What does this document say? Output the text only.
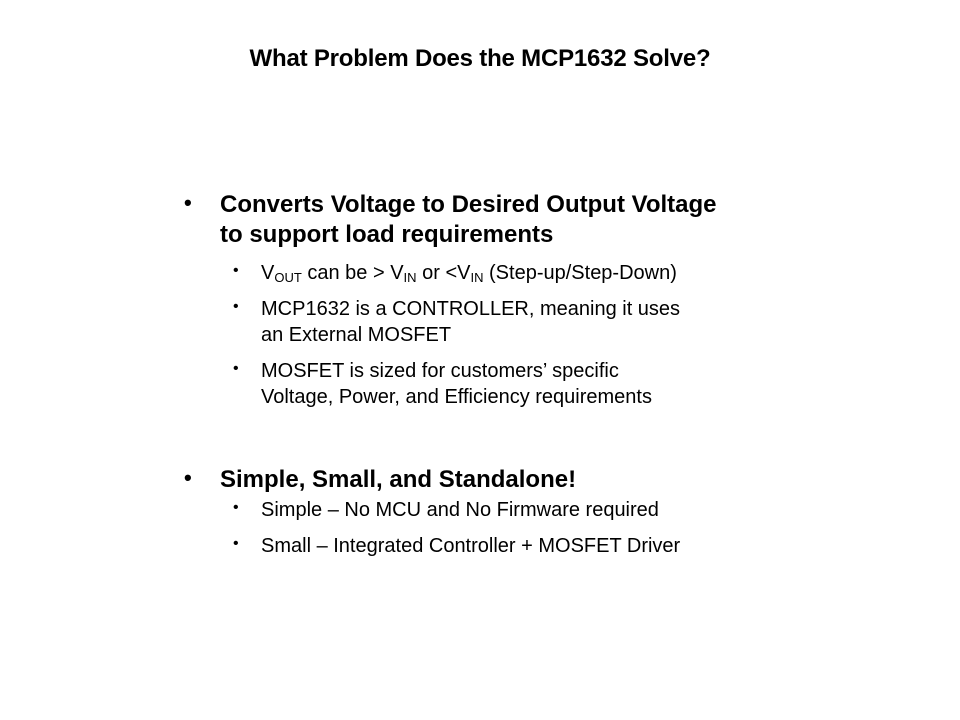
What Problem Does the MCP1632 Solve?
• Converts Voltage to Desired Output Voltage
to support load requirements
• $V_{OUT}$ can be > $V_{IN}$ or $<V_{IN}$ (Step-up/Step-Down)
• MCP1632 is a CONTROLLER, meaning it uses
an External MOSFET
• MOSFET is sized for customers’ specific
Voltage, Power, and Efficiency requirements
• Simple, Small, and Standalone!
• Simple – No MCU and No Firmware required
• Small – Integrated Controller + MOSFET Driver
